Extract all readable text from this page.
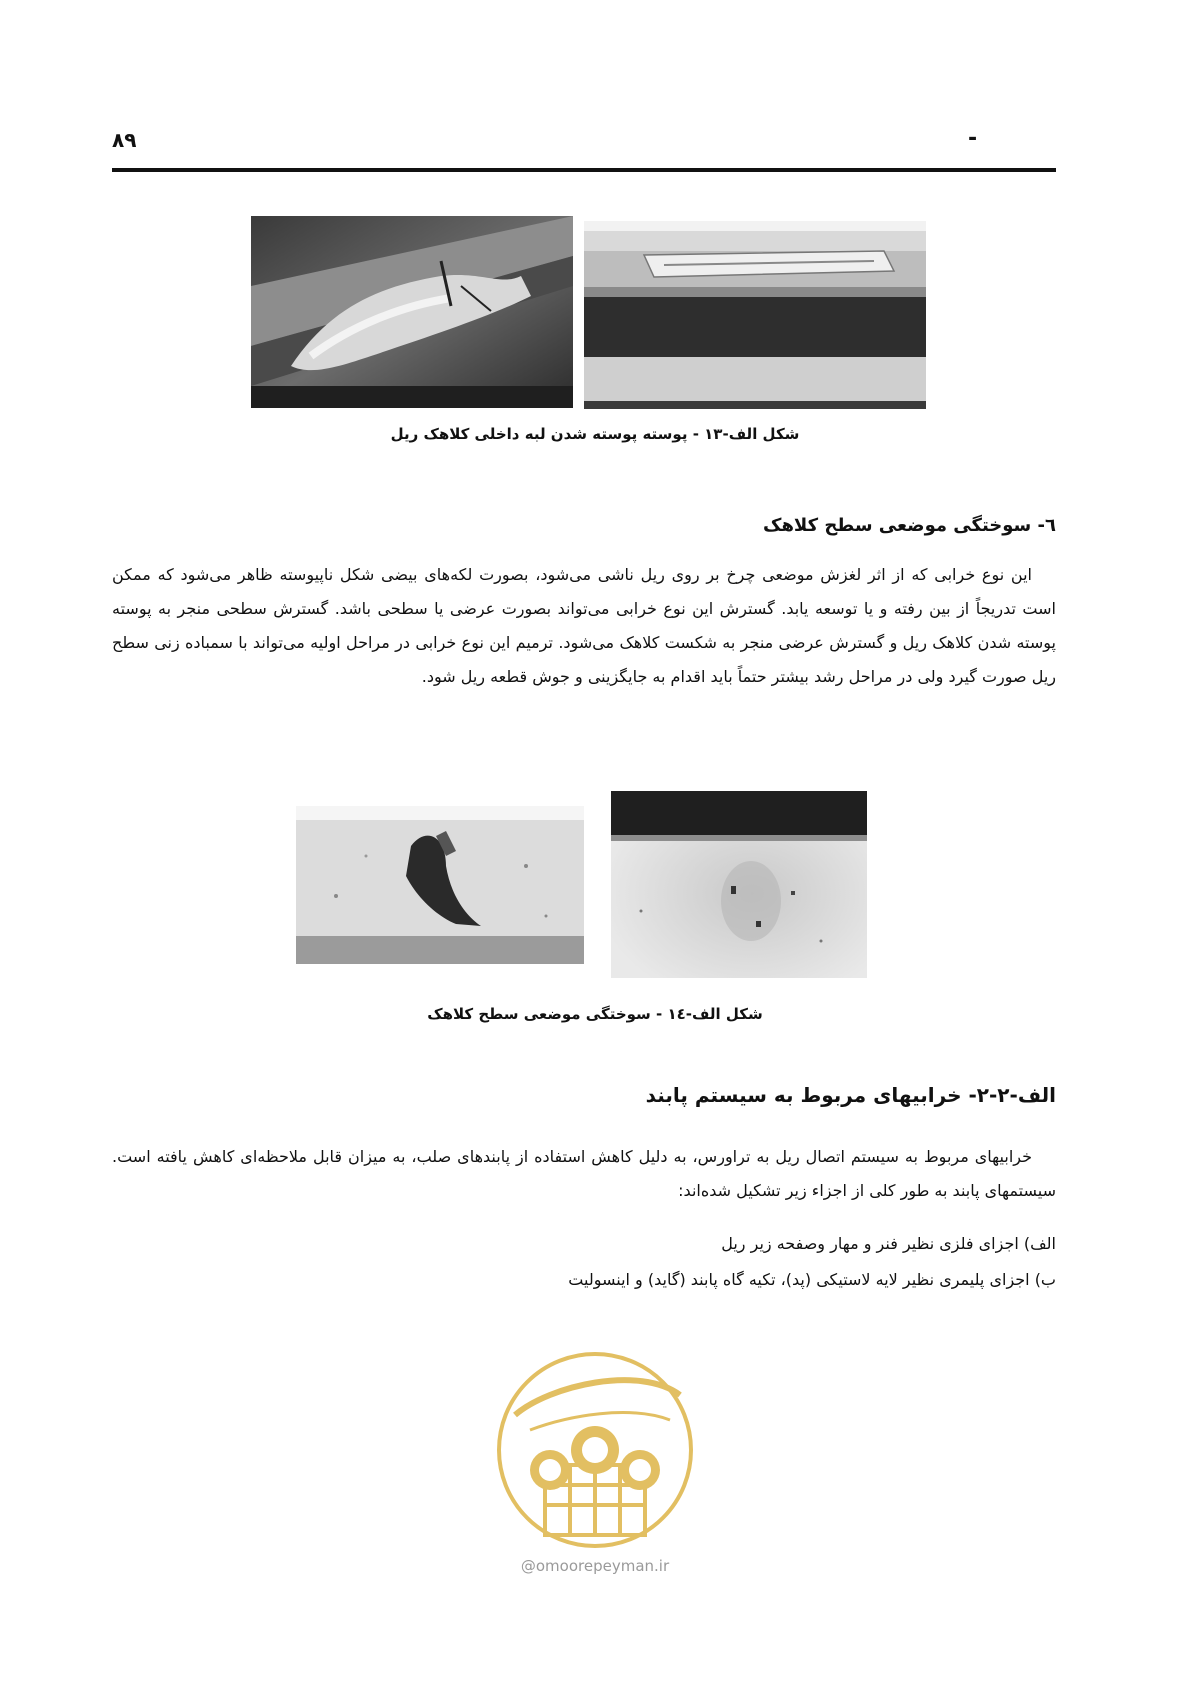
۸۹	-
شکل الف-۱۳ - پوسته پوسته شدن لبه داخلی کلاهک ریل
٦- سوختگی موضعی سطح کلاهک

این نوع خرابی که از اثر لغزش موضعی چرخ بر روی ریل ناشی می‌شود، بصورت لکه‌های بیضی شکل ناپیوسته ظاهر می‌شود که ممکن است تدریجاً از بین رفته و یا توسعه یابد. گسترش این نوع خرابی می‌تواند بصورت عرضی یا سطحی باشد. گسترش سطحی منجر به پوسته پوسته شدن کلاهک ریل و گسترش عرضی منجر به شکست کلاهک می‌شود. ترمیم این نوع خرابی در مراحل اولیه می‌تواند با سمباده زنی سطح ریل صورت گیرد ولی در مراحل رشد بیشتر حتماً باید اقدام به جایگزینی و جوش قطعه ریل شود.

شکل الف-١٤ - سوختگی موضعی سطح کلاهک
الف-۲-۲- خرابیهای مربوط به سیستم پابند

خرابیهای مربوط به سیستم اتصال ریل به تراورس، به دلیل کاهش استفاده از پابندهای صلب، به میزان قابل ملاحظه‌ای کاهش یافته است. سیستمهای پابند به طور کلی از اجزاء زیر تشکیل شده‌اند:

الف) اجزای فلزی نظیر فنر و مهار وصفحه زیر ریل
ب) اجزای پلیمری نظیر لایه لاستیکی (پد)، تکیه گاه پابند (گاید) و اینسولیت
@omoorepeyman.ir
